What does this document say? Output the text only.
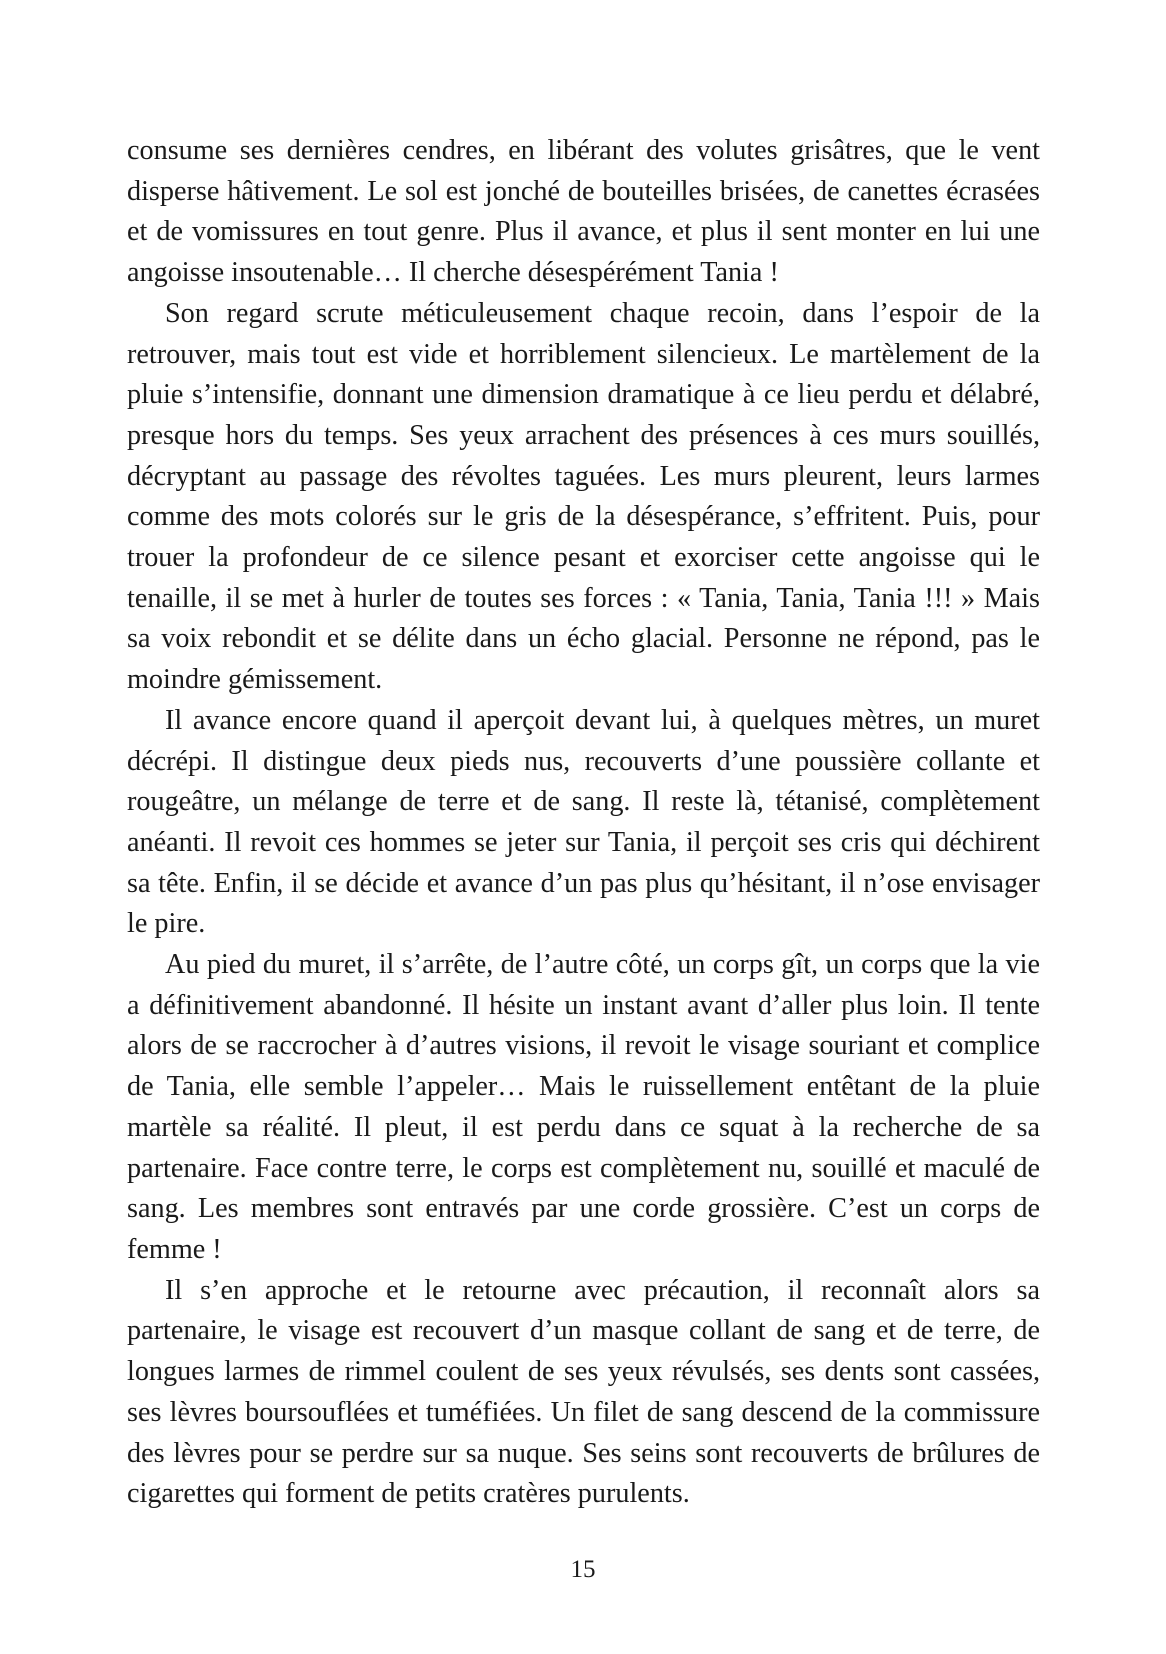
consume ses dernières cendres, en libérant des volutes grisâtres, que le vent disperse hâtivement. Le sol est jonché de bouteilles brisées, de canettes écrasées et de vomissures en tout genre. Plus il avance, et plus il sent monter en lui une angoisse insoutenable… Il cherche désespérément Tania !

Son regard scrute méticuleusement chaque recoin, dans l’espoir de la retrouver, mais tout est vide et horriblement silencieux. Le martèlement de la pluie s’intensifie, donnant une dimension dramatique à ce lieu perdu et délabré, presque hors du temps. Ses yeux arrachent des présences à ces murs souillés, décryptant au passage des révoltes taguées. Les murs pleurent, leurs larmes comme des mots colorés sur le gris de la désespérance, s’effritent. Puis, pour trouer la profondeur de ce silence pesant et exorciser cette angoisse qui le tenaille, il se met à hurler de toutes ses forces : « Tania, Tania, Tania !!! » Mais sa voix rebondit et se délite dans un écho glacial. Personne ne répond, pas le moindre gémissement.

Il avance encore quand il aperçoit devant lui, à quelques mètres, un muret décrépi. Il distingue deux pieds nus, recouverts d’une poussière collante et rougeâtre, un mélange de terre et de sang. Il reste là, tétanisé, complètement anéanti. Il revoit ces hommes se jeter sur Tania, il perçoit ses cris qui déchirent sa tête. Enfin, il se décide et avance d’un pas plus qu’hésitant, il n’ose envisager le pire.

Au pied du muret, il s’arrête, de l’autre côté, un corps gît, un corps que la vie a définitivement abandonné. Il hésite un instant avant d’aller plus loin. Il tente alors de se raccrocher à d’autres visions, il revoit le visage souriant et complice de Tania, elle semble l’appeler… Mais le ruissellement entêtant de la pluie martèle sa réalité. Il pleut, il est perdu dans ce squat à la recherche de sa partenaire. Face contre terre, le corps est complètement nu, souillé et maculé de sang. Les membres sont entravés par une corde grossière. C’est un corps de femme !

Il s’en approche et le retourne avec précaution, il reconnaît alors sa partenaire, le visage est recouvert d’un masque collant de sang et de terre, de longues larmes de rimmel coulent de ses yeux révulsés, ses dents sont cassées, ses lèvres boursouflées et tuméfiées. Un filet de sang descend de la commissure des lèvres pour se perdre sur sa nuque. Ses seins sont recouverts de brûlures de cigarettes qui forment de petits cratères purulents.

15
